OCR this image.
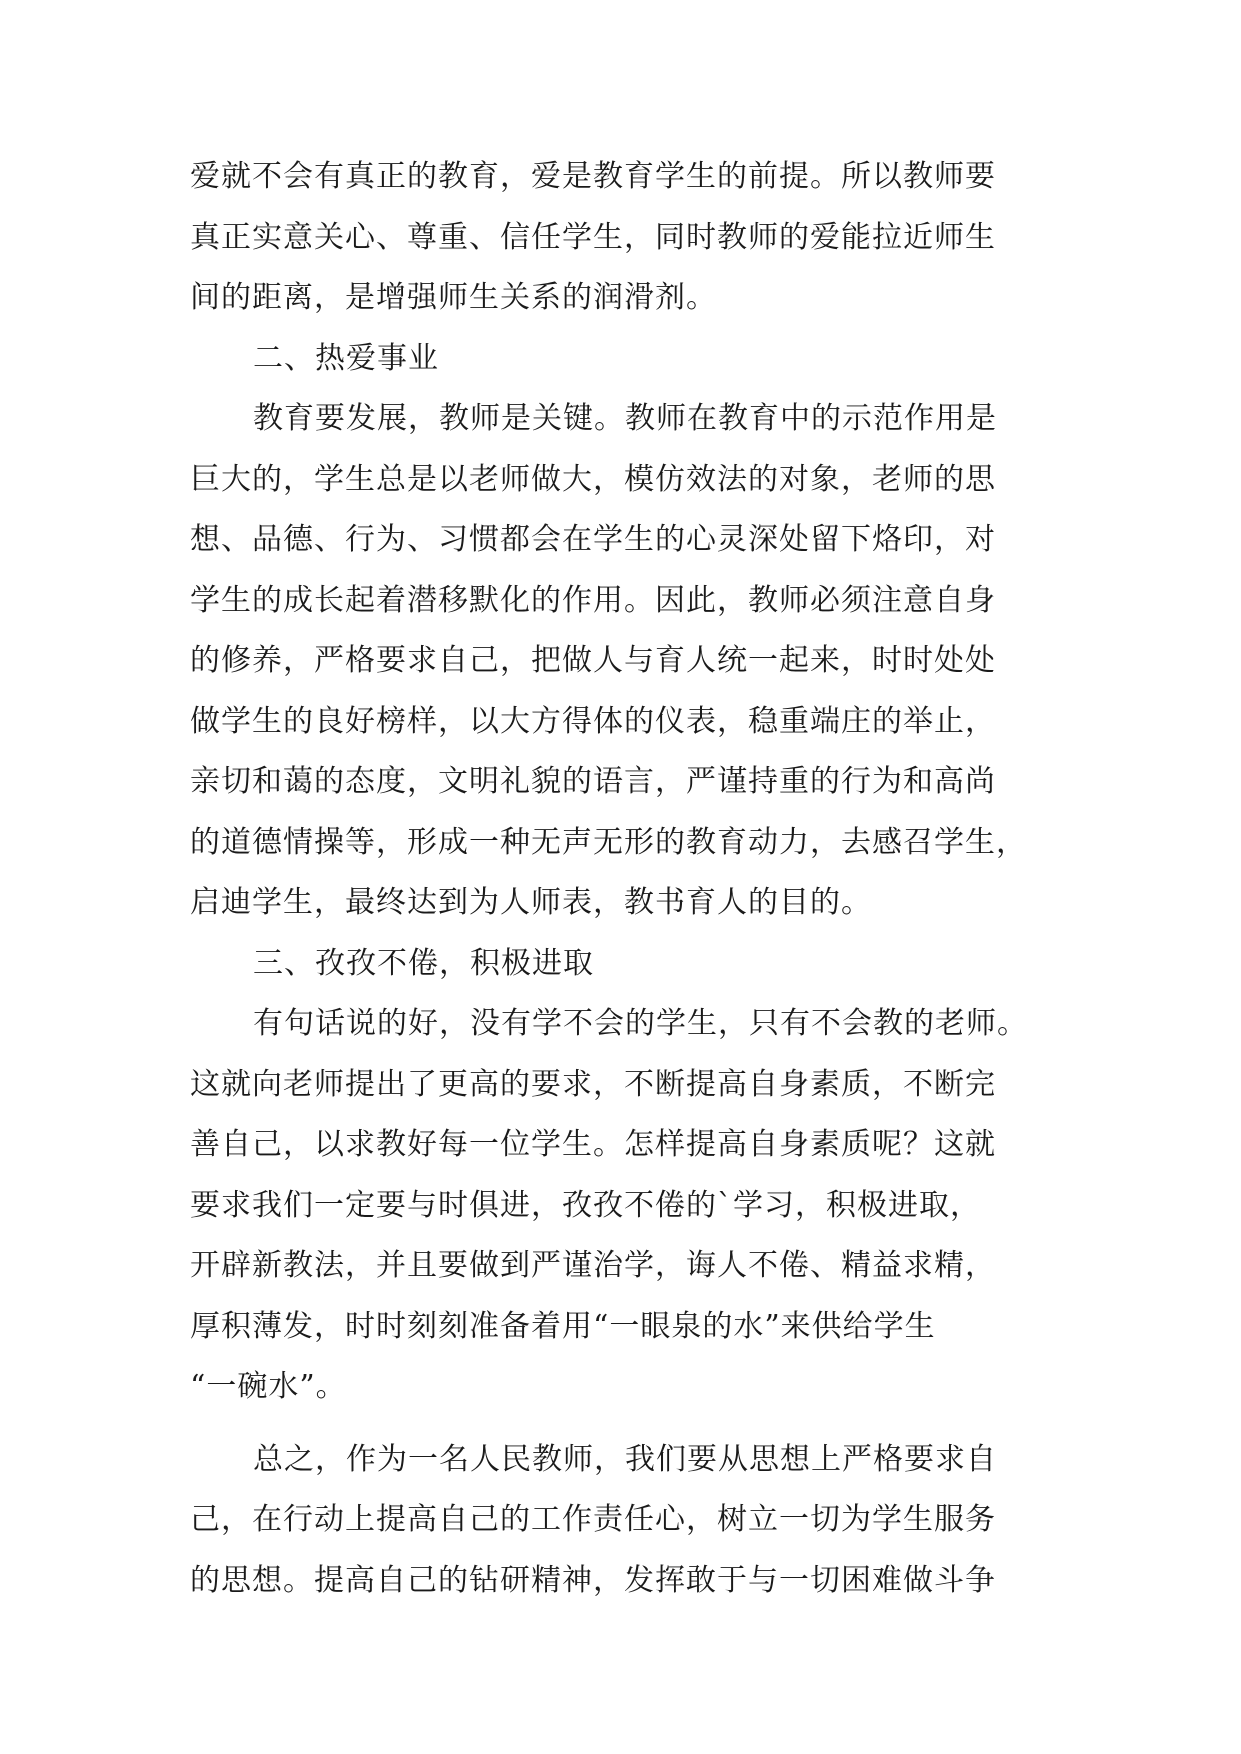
爱就不会有真正的教育，爱是教育学生的前提。所以教师要
真正实意关心、尊重、信任学生，同时教师的爱能拉近师生
间的距离，是增强师生关系的润滑剂。
二、热爱事业
教育要发展，教师是关键。教师在教育中的示范作用是
巨大的，学生总是以老师做大，模仿效法的对象，老师的思
想、品德、行为、习惯都会在学生的心灵深处留下烙印，对
学生的成长起着潜移默化的作用。因此，教师必须注意自身
的修养，严格要求自己，把做人与育人统一起来，时时处处
做学生的良好榜样，以大方得体的仪表，稳重端庄的举止，
亲切和蔼的态度，文明礼貌的语言，严谨持重的行为和高尚
的道德情操等，形成一种无声无形的教育动力，去感召学生，
启迪学生，最终达到为人师表，教书育人的目的。
三、孜孜不倦，积极进取
有句话说的好，没有学不会的学生，只有不会教的老师。
这就向老师提出了更高的要求，不断提高自身素质，不断完
善自己，以求教好每一位学生。怎样提高自身素质呢？这就
要求我们一定要与时俱进，孜孜不倦的`学习，积极进取，
开辟新教法，并且要做到严谨治学，诲人不倦、精益求精，
厚积薄发，时时刻刻准备着用“一眼泉的水”来供给学生
“一碗水”。
总之，作为一名人民教师，我们要从思想上严格要求自
己，在行动上提高自己的工作责任心，树立一切为学生服务
的思想。提高自己的钻研精神，发挥敢于与一切困难做斗争
